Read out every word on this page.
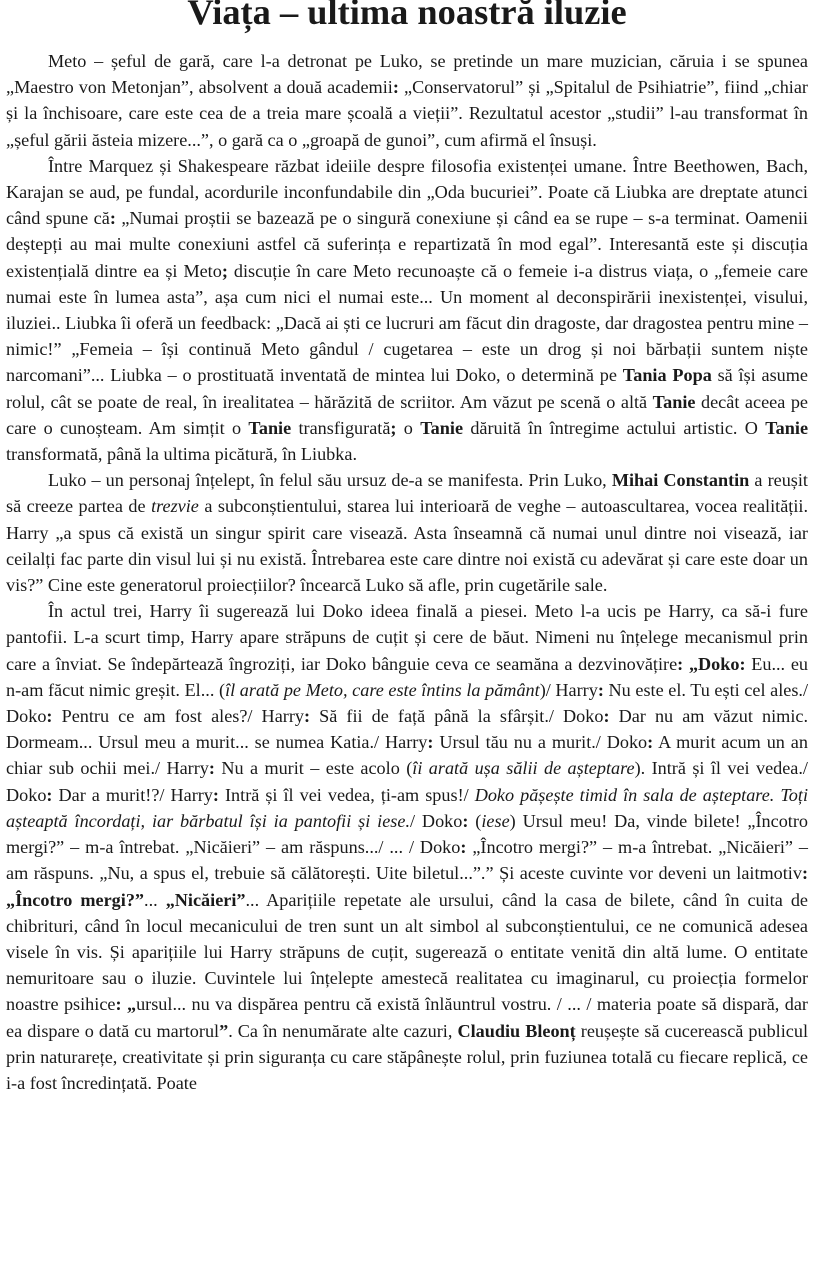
Viața – ultima noastră iluzie

Meto – șeful de gară, care l-a detronat pe Luko, se pretinde un mare muzician, căruia i se spunea „Maestro von Metonjan”, absolvent a două academii: „Conservatorul” și „Spitalul de Psihiatrie”, fiind „chiar și la închisoare, care este cea de a treia mare școală a vieții”. Rezultatul acestor „studii” l-au transformat în „șeful gării ăsteia mizere...”, o gară ca o „groapă de gunoi”, cum afirmă el însuși.

Între Marquez și Shakespeare răzbat ideiile despre filosofia existenței umane. Între Beethowen, Bach, Karajan se aud, pe fundal, acordurile inconfundabile din „Oda bucuriei”. Poate că Liubka are dreptate atunci când spune că: „Numai proștii se bazează pe o singură conexiune și când ea se rupe – s-a terminat. Oamenii deștepți au mai multe conexiuni astfel că suferința e repartizată în mod egal”. Interesantă este și discuția existențială dintre ea și Meto; discuție în care Meto recunoaște că o femeie i-a distrus viața, o „femeie care numai este în lumea asta”, așa cum nici el numai este... Un moment al deconspirării inexistenței, visului, iluziei.. Liubka îi oferă un feedback: „Dacă ai ști ce lucruri am făcut din dragoste, dar dragostea pentru mine – nimic!” „Femeia – își continuă Meto gândul / cugetarea – este un drog și noi bărbații suntem niște narcomani”... Liubka – o prostituată inventată de mintea lui Doko, o determină pe Tania Popa să își asume rolul, cât se poate de real, în irealitatea – hărăzită de scriitor. Am văzut pe scenă o altă Tanie decât aceea pe care o cunoșteam. Am simțit o Tanie transfigurată; o Tanie dăruită în întregime actului artistic. O Tanie transformată, până la ultima picătură, în Liubka.

Luko – un personaj înțelept, în felul său ursuz de-a se manifesta. Prin Luko, Mihai Constantin a reușit să creeze partea de trezvie a subconștientului, starea lui interioară de veghe – autoascultarea, vocea realității. Harry „a spus că există un singur spirit care visează. Asta înseamnă că numai unul dintre noi visează, iar ceilalți fac parte din visul lui și nu există. Întrebarea este care dintre noi există cu adevărat și care este doar un vis?” Cine este generatorul proiecțiilor? încearcă Luko să afle, prin cugetările sale.

În actul trei, Harry îi sugerează lui Doko ideea finală a piesei. Meto l-a ucis pe Harry, ca să-i fure pantofii. L-a scurt timp, Harry apare străpuns de cuțit și cere de băut. Nimeni nu înțelege mecanismul prin care a înviat. Se îndepărtează îngroziți, iar Doko bânguie ceva ce seamăna a dezvinovățire: „Doko: Eu... eu n-am făcut nimic greșit. El... (îl arată pe Meto, care este întins la pământ)/ Harry: Nu este el. Tu ești cel ales./ Doko: Pentru ce am fost ales?/ Harry: Să fii de față până la sfârșit./ Doko: Dar nu am văzut nimic. Dormeam... Ursul meu a murit... se numea Katia./ Harry: Ursul tău nu a murit./ Doko: A murit acum un an chiar sub ochii mei./ Harry: Nu a murit – este acolo (îi arată ușa sălii de așteptare). Intră și îl vei vedea./ Doko: Dar a murit!?/ Harry: Intră și îl vei vedea, ți-am spus!/ Doko pășește timid în sala de așteptare. Toți așteaptă încordați, iar bărbatul își ia pantofii și iese./ Doko: (iese) Ursul meu! Da, vinde bilete! „Încotro mergi?” – m-a întrebat. „Nicăieri” – am răspuns.../ ... / Doko: „Încotro mergi?” – m-a întrebat. „Nicăieri” – am răspuns. „Nu, a spus el, trebuie să călătorești. Uite biletul...”.” Și aceste cuvinte vor deveni un laitmotiv: „Încotro mergi?”... „Nicăieri”... Aparițiile repetate ale ursului, când la casa de bilete, când în cuita de chibrituri, când în locul mecanicului de tren sunt un alt simbol al subconștientului, ce ne comunică adesea visele în vis. Și aparițiile lui Harry străpuns de cuțit, sugerează o entitate venită din altă lume. O entitate nemuritoare sau o iluzie. Cuvintele lui înțelepte amestecă realitatea cu imaginarul, cu proiecția formelor noastre psihice: „ursul... nu va dispărea pentru că există înlăuntrul vostru. / ... / materia poate să dispară, dar ea dispare o dată cu martorul”. Ca în nenumărate alte cazuri, Claudiu Bleonț reușește să cucerească publicul prin naturarețe, creativitate și prin siguranța cu care stăpânește rolul, prin fuziunea totală cu fiecare replică, ce i-a fost încredințată. Poate
